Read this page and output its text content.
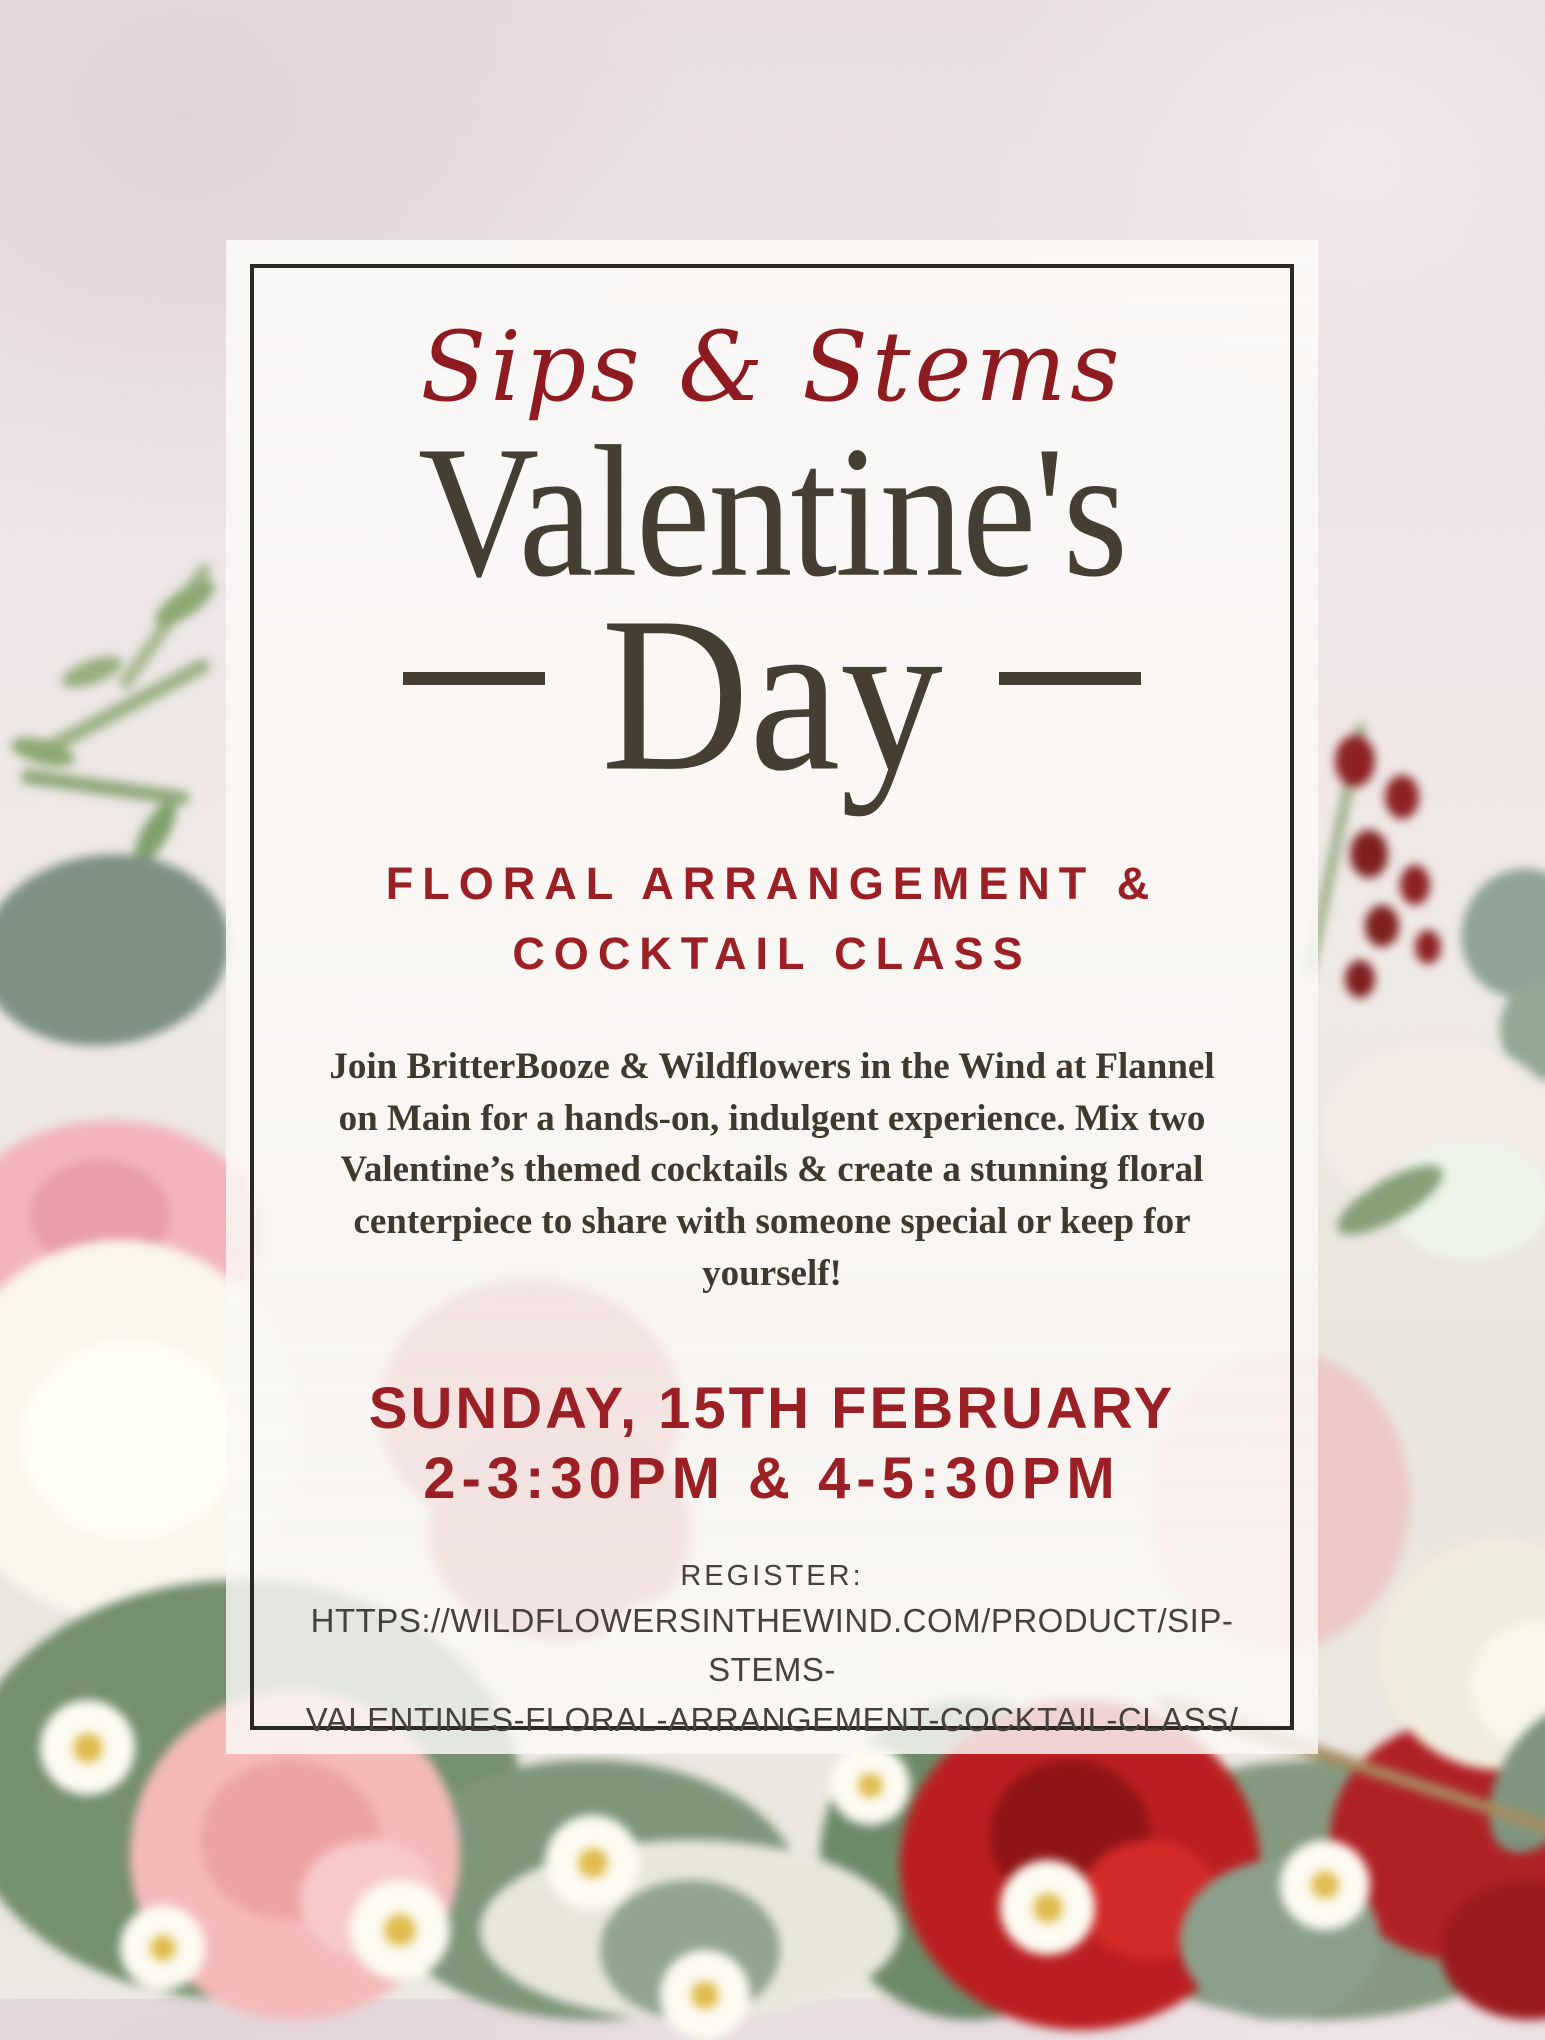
Sips & Stems
Valentine's
Day
FLORAL ARRANGEMENT &
COCKTAIL CLASS

Join BritterBooze & Wildflowers in the Wind at Flannel on Main for a hands-on, indulgent experience. Mix two Valentine’s themed cocktails & create a stunning floral centerpiece to share with someone special or keep for yourself!

SUNDAY, 15TH FEBRUARY
2-3:30PM & 4-5:30PM
REGISTER:
HTTPS://WILDFLOWERSINTHEWIND.COM/PRODUCT/SIP-STEMS-
VALENTINES-FLORAL-ARRANGEMENT-COCKTAIL-CLASS/
